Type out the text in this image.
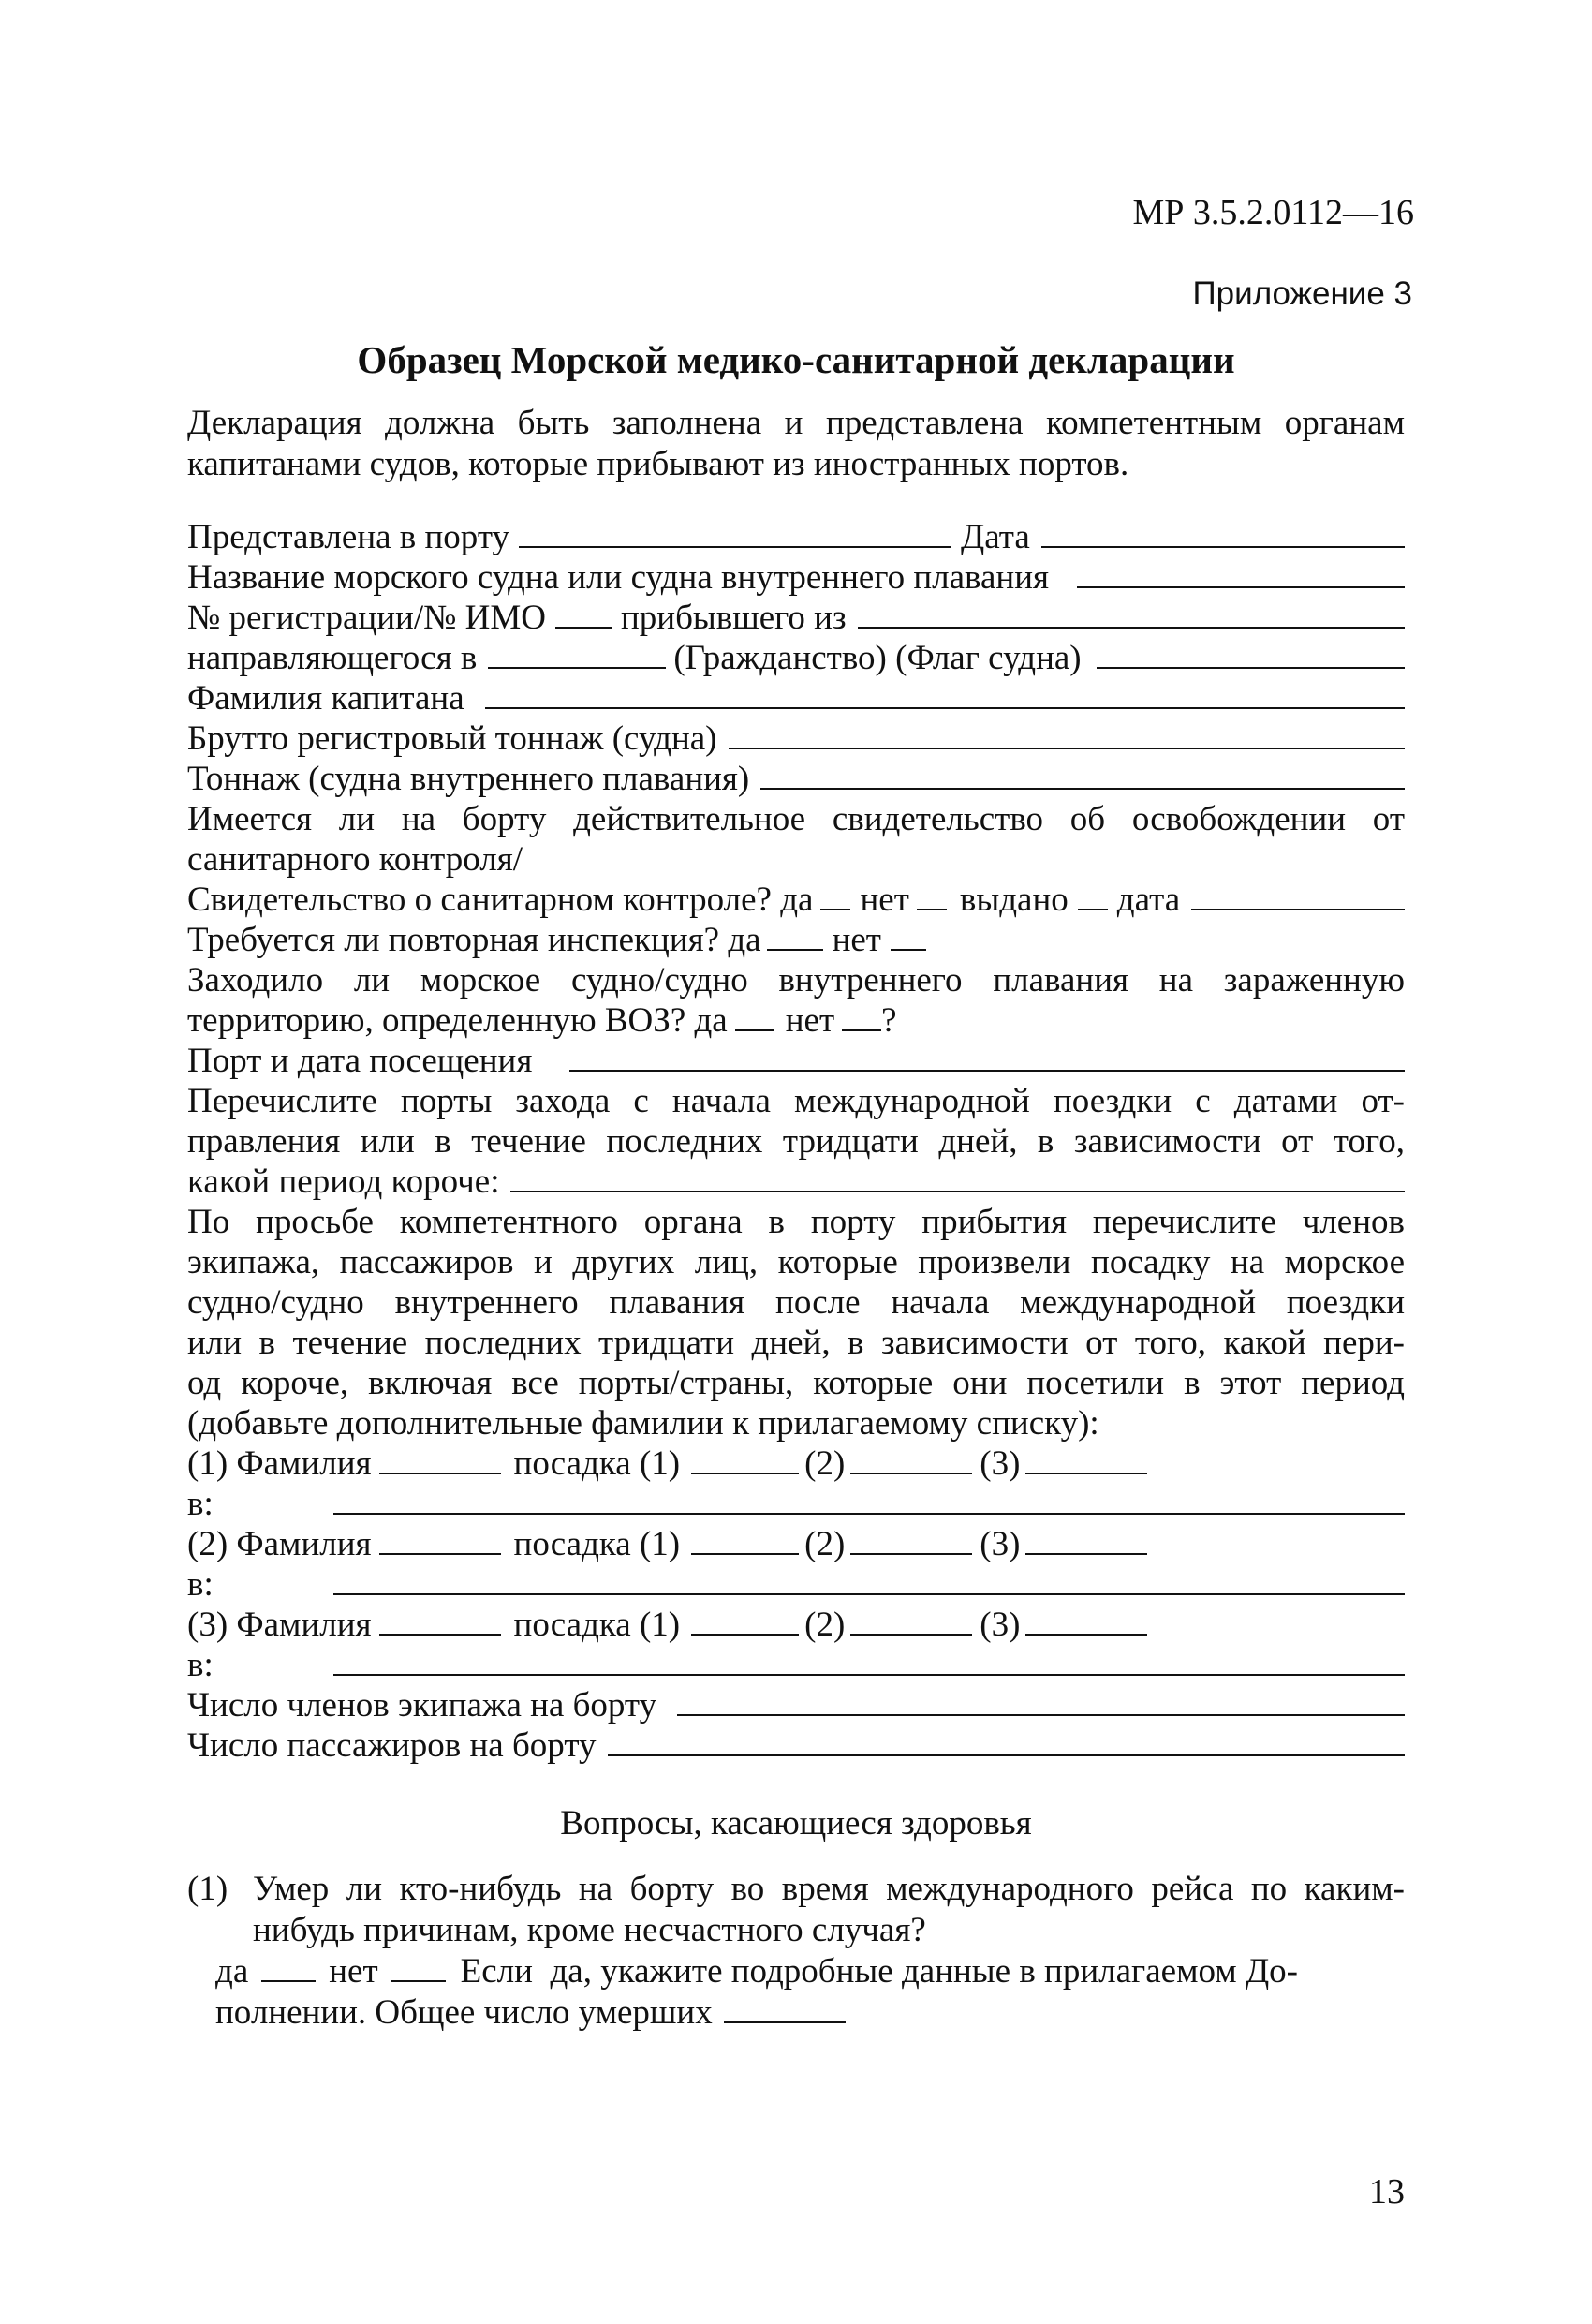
МР 3.5.2.0112—16
Приложение 3
Образец Морской медико-санитарной декларации
Декларация должна быть заполнена и представлена компетентным органам капитанами судов, которые прибывают из иностранных портов.
Представлена в порту	Дата
Название морского судна или судна внутреннего плавания
№ регистрации/№ ИМО прибывшего из
направляющегося в	(Гражданство) (Флаг судна)
Фамилия капитана
Брутто регистровый тоннаж (судна)
Тоннаж (судна внутреннего плавания)
Имеется ли на борту действительное свидетельство об освобождении от
санитарного контроля/
Свидетельство о санитарном контроле? да нет выдано дата
Требуется ли повторная инспекция? да нет
Заходило ли морское судно/судно внутреннего плавания на зараженную
территорию, определенную ВОЗ? да нет ?
Порт и дата посещения
Перечислите порты захода с начала международной поездки с датами от-
правления или в течение последних тридцати дней, в зависимости от того,
какой период короче:
По просьбе компетентного органа в порту прибытия перечислите членов
экипажа, пассажиров и других лиц, которые произвели посадку на морское
судно/судно внутреннего плавания после начала международной поездки
или в течение последних тридцати дней, в зависимости от того, какой пери-
од короче, включая все порты/страны, которые они посетили в этот период
(добавьте дополнительные фамилии к прилагаемому списку):
(1) Фамилия	посадка (1)	(2)	(3)
в:
(2) Фамилия	посадка (1)	(2)	(3)
в:
(3) Фамилия	посадка (1)	(2)	(3)
в:
Число членов экипажа на борту
Число пассажиров на борту
Вопросы, касающиеся здоровья
(1) Умер ли кто-нибудь на борту во время международного рейса по каким-нибудь причинам, кроме несчастного случая?
да нет Если  да, укажите подробные данные в прилагаемом До-
полнении. Общее число умерших
13
